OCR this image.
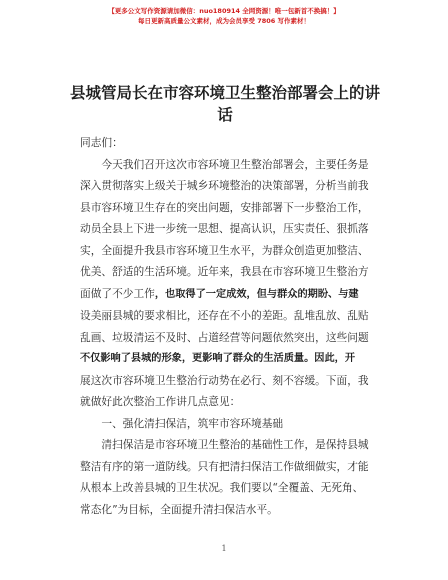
【更多公文写作资源请加微信：nuo180914 全网资源！唯一包新首不换搞！】
每日更新高质量公文素材，成为会员享受 7806 写作素材！
县城管局长在市容环境卫生整治部署会上的讲
话

同志们：

今天我们召开这次市容环境卫生整治部署会，主要任务是
深入贯彻落实上级关于城乡环境整治的决策部署，分析当前我
县市容环境卫生存在的突出问题，安排部署下一步整治工作，
动员全县上下进一步统一思想、提高认识，压实责任、狠抓落
实，全面提升我县市容环境卫生水平，为群众创造更加整洁、
优美、舒适的生活环境。近年来，我县在市容环境卫生整治方
面做了不少工作，也取得了一定成效，但与群众的期盼、与建
设美丽县城的要求相比，还存在不小的差距。乱堆乱放、乱贴
乱画、垃圾清运不及时、占道经营等问题依然突出，这些问题
不仅影响了县城的形象，更影响了群众的生活质量。因此，开
展这次市容环境卫生整治行动势在必行、刻不容缓。下面，我
就做好此次整治工作讲几点意见：

一、强化清扫保洁，筑牢市容环境基础

清扫保洁是市容环境卫生整治的基础性工作，是保持县城
整洁有序的第一道防线。只有把清扫保洁工作做细做实，才能
从根本上改善县城的卫生状况。我们要以“全覆盖、无死角、
常态化”为目标，全面提升清扫保洁水平。

1
